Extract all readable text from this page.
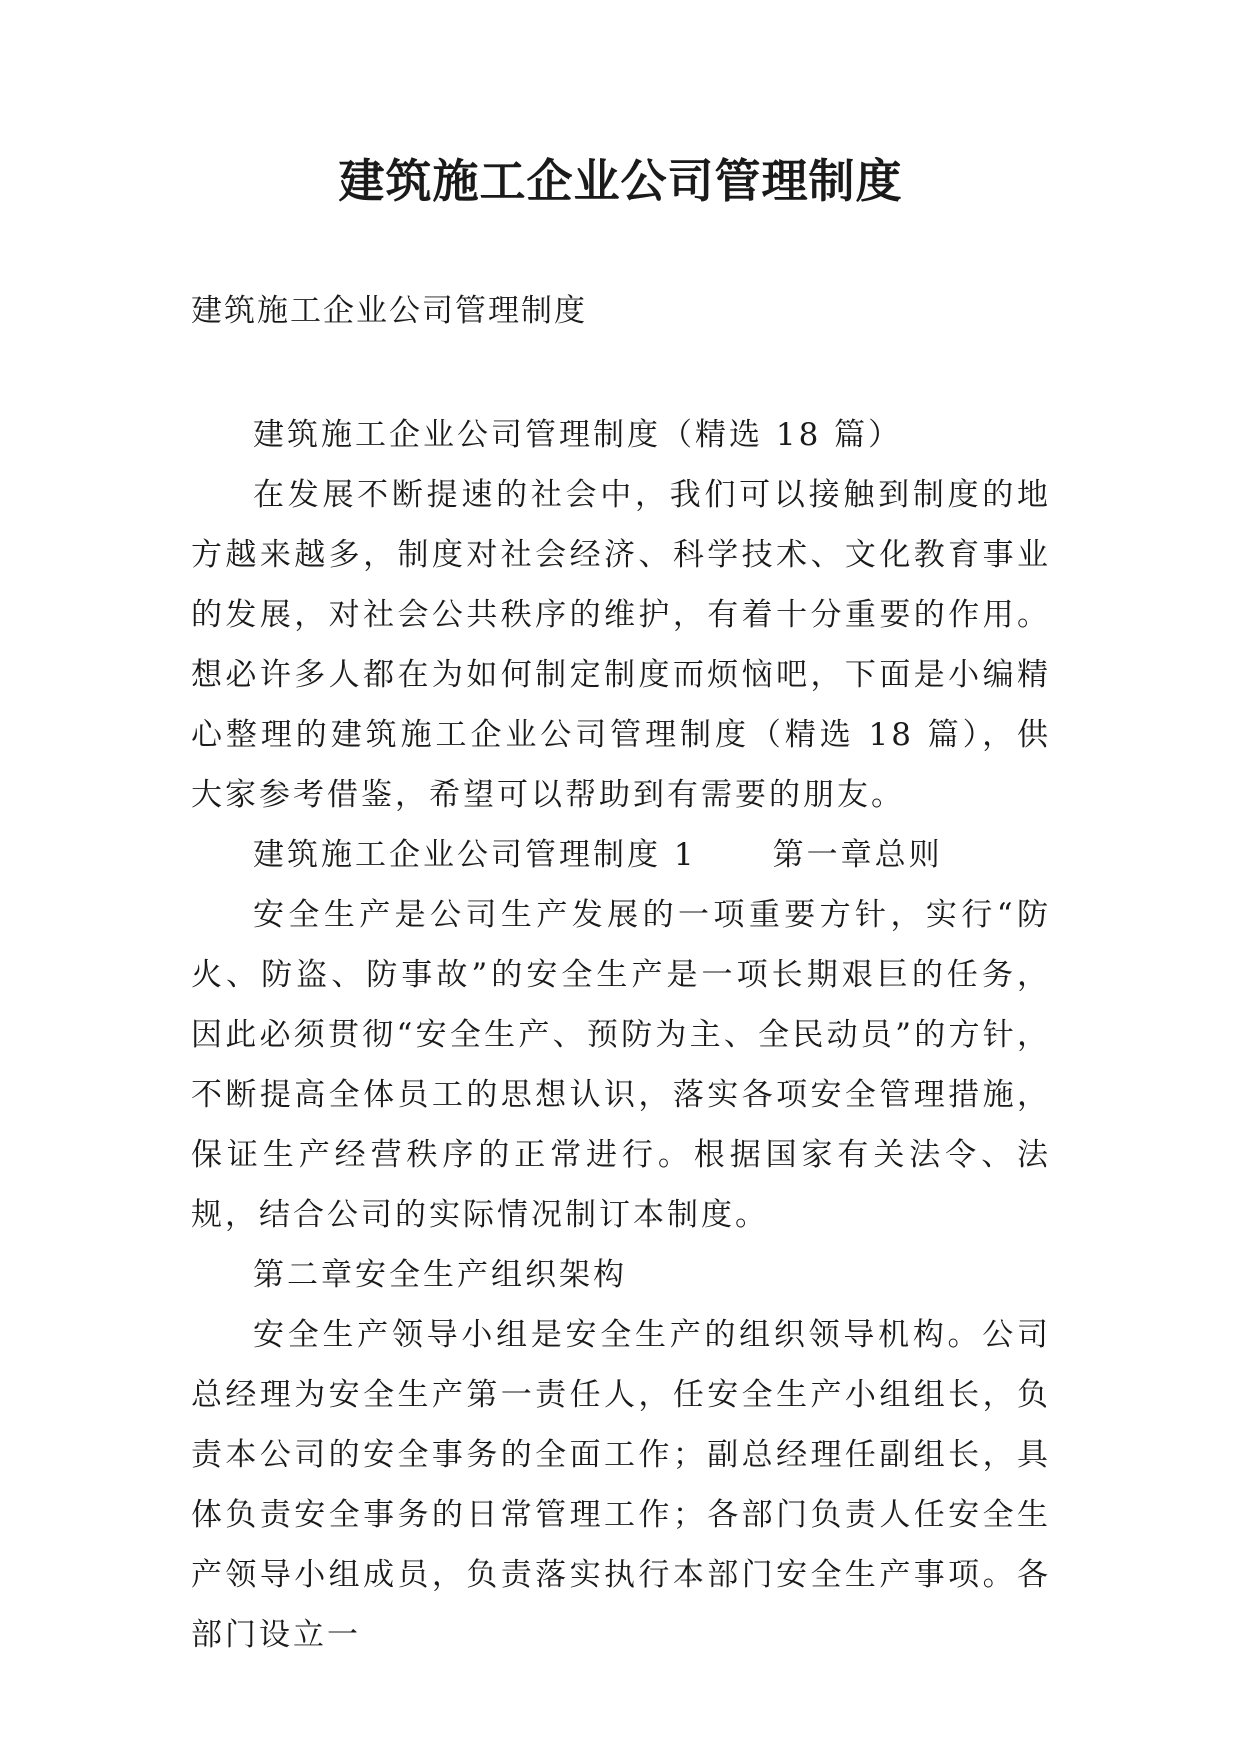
建筑施工企业公司管理制度

建筑施工企业公司管理制度

建筑施工企业公司管理制度（精选 18 篇）

在发展不断提速的社会中，我们可以接触到制度的地方越来越多，制度对社会经济、科学技术、文化教育事业的发展，对社会公共秩序的维护，有着十分重要的作用。想必许多人都在为如何制定制度而烦恼吧，下面是小编精心整理的建筑施工企业公司管理制度（精选 18 篇），供大家参考借鉴，希望可以帮助到有需要的朋友。

建筑施工企业公司管理制度 1 第一章总则

安全生产是公司生产发展的一项重要方针，实行“防火、防盗、防事故”的安全生产是一项长期艰巨的任务，因此必须贯彻“安全生产、预防为主、全民动员”的方针，不断提高全体员工的思想认识，落实各项安全管理措施，保证生产经营秩序的正常进行。根据国家有关法令、法规，结合公司的实际情况制订本制度。

第二章安全生产组织架构

安全生产领导小组是安全生产的组织领导机构。公司总经理为安全生产第一责任人，任安全生产小组组长，负责本公司的安全事务的全面工作；副总经理任副组长，具体负责安全事务的日常管理工作；各部门负责人任安全生产领导小组成员，负责落实执行本部门安全生产事项。各部门设立一
